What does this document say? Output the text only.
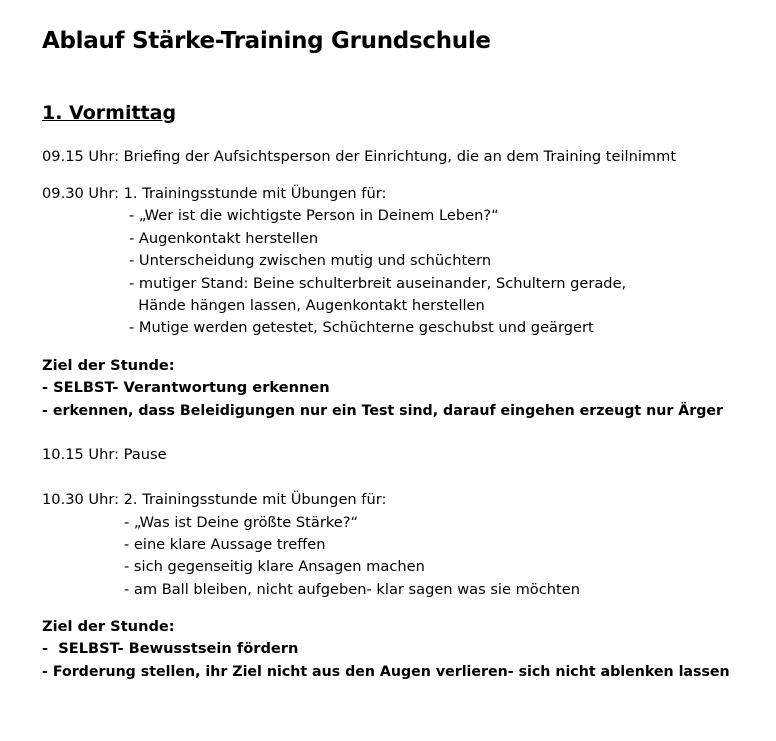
Ablauf Stärke-Training Grundschule
1. Vormittag
09.15 Uhr: Briefing der Aufsichtsperson der Einrichtung, die an dem Training teilnimmt
09.30 Uhr: 1. Trainingsstunde mit Übungen für:
- „Wer ist die wichtigste Person in Deinem Leben?“
- Augenkontakt herstellen
- Unterscheidung zwischen mutig und schüchtern
- mutiger Stand: Beine schulterbreit auseinander, Schultern gerade,
Hände hängen lassen, Augenkontakt herstellen
- Mutige werden getestet, Schüchterne geschubst und geärgert
Ziel der Stunde:
- SELBST- Verantwortung erkennen
- erkennen, dass Beleidigungen nur ein Test sind, darauf eingehen erzeugt nur Ärger
10.15 Uhr: Pause
10.30 Uhr: 2. Trainingsstunde mit Übungen für:
- „Was ist Deine größte Stärke?“
- eine klare Aussage treffen
- sich gegenseitig klare Ansagen machen
- am Ball bleiben, nicht aufgeben- klar sagen was sie möchten
Ziel der Stunde:
-  SELBST- Bewusstsein fördern
- Forderung stellen, ihr Ziel nicht aus den Augen verlieren- sich nicht ablenken lassen
